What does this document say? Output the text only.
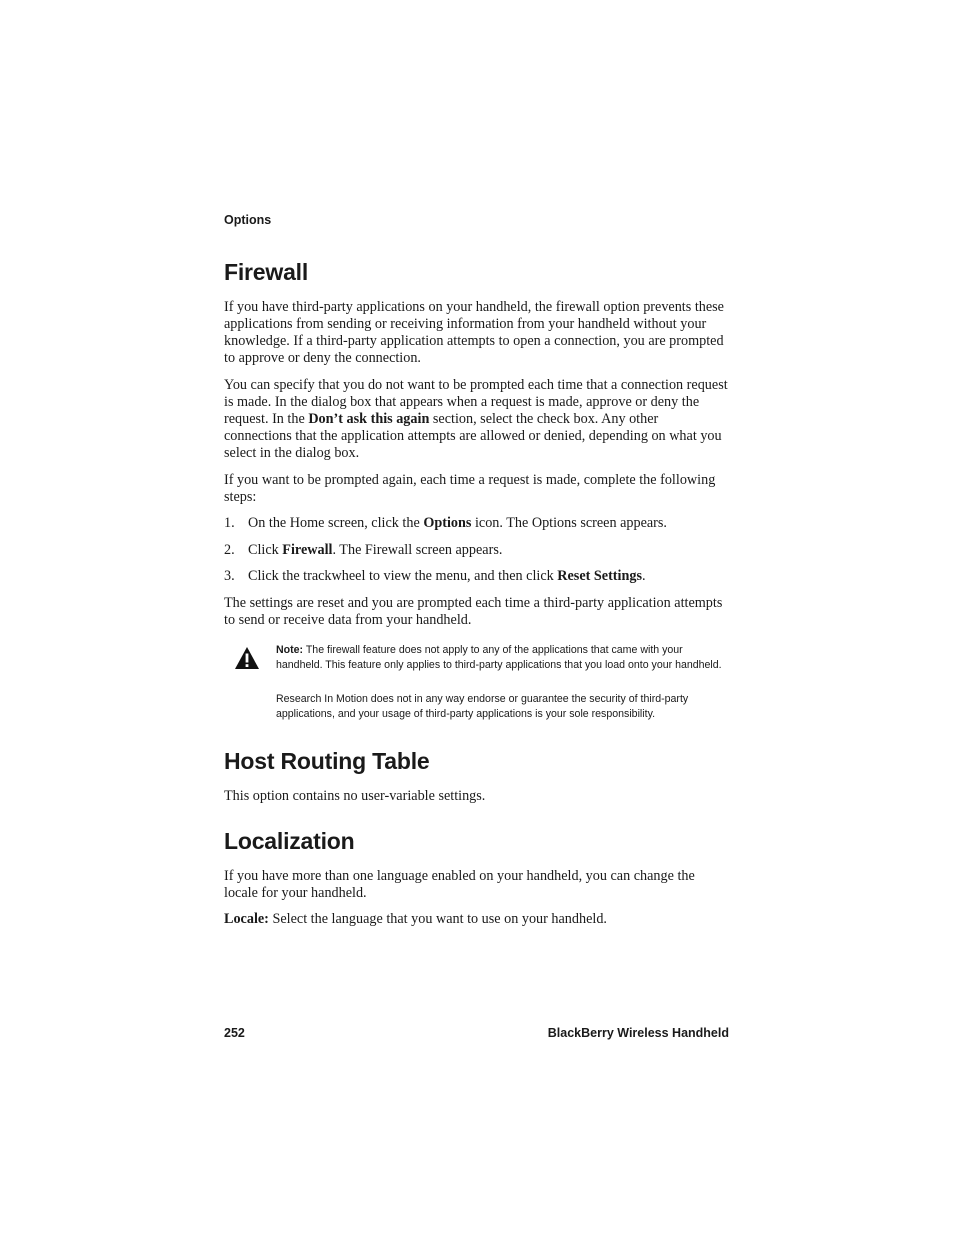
Options
Firewall

If you have third-party applications on your handheld, the firewall option prevents these applications from sending or receiving information from your handheld without your knowledge. If a third-party application attempts to open a connection, you are prompted to approve or deny the connection.

You can specify that you do not want to be prompted each time that a connection request is made. In the dialog box that appears when a request is made, approve or deny the request. In the Don’t ask this again section, select the check box. Any other connections that the application attempts are allowed or denied, depending on what you select in the dialog box.

If you want to be prompted again, each time a request is made, complete the following steps:

1. On the Home screen, click the Options icon. The Options screen appears.
2. Click Firewall. The Firewall screen appears.
3. Click the trackwheel to view the menu, and then click Reset Settings.

The settings are reset and you are prompted each time a third-party application attempts to send or receive data from your handheld.

Note: The firewall feature does not apply to any of the applications that came with your handheld. This feature only applies to third-party applications that you load onto your handheld.

Research In Motion does not in any way endorse or guarantee the security of third-party applications, and your usage of third-party applications is your sole responsibility.

Host Routing Table

This option contains no user-variable settings.

Localization

If you have more than one language enabled on your handheld, you can change the locale for your handheld.

Locale: Select the language that you want to use on your handheld.

252	BlackBerry Wireless Handheld
